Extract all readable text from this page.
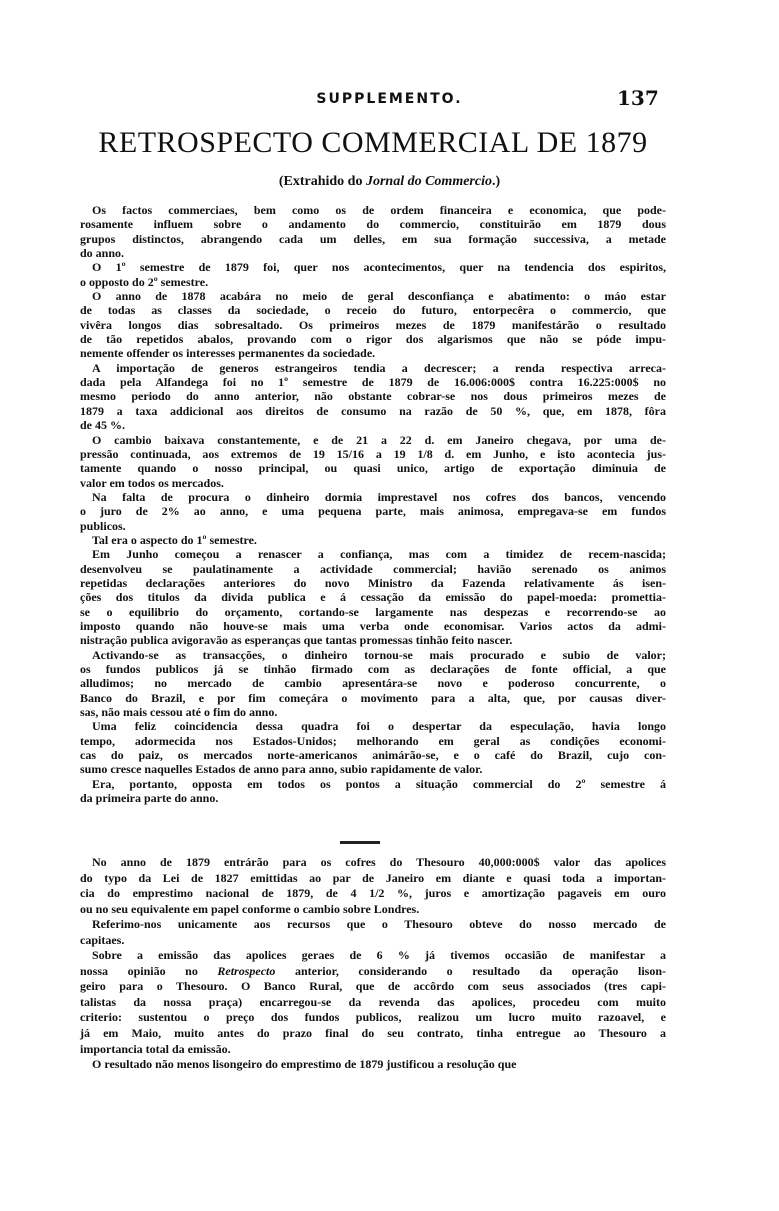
SUPPLEMENTO.	137
RETROSPECTO COMMERCIAL DE 1879
(Extrahido do Jornal do Commercio.)
Os factos commerciaes, bem como os de ordem financeira e economica, que pode-
rosamente influem sobre o andamento do commercio, constituirão em 1879 dous
grupos distinctos, abrangendo cada um delles, em sua formação successiva, a metade
do anno.
O 1º semestre de 1879 foi, quer nos acontecimentos, quer na tendencia dos espiritos,
o opposto do 2º semestre.
O anno de 1878 acabára no meio de geral desconfiança e abatimento: o máo estar
de todas as classes da sociedade, o receio do futuro, entorpecêra o commercio, que
vivêra longos dias sobresaltado. Os primeiros mezes de 1879 manifestárão o resultado
de tão repetidos abalos, provando com o rigor dos algarismos que não se póde impu-
nemente offender os interesses permanentes da sociedade.
A importação de generos estrangeiros tendia a decrescer; a renda respectiva arreca-
dada pela Alfandega foi no 1º semestre de 1879 de 16.006:000$ contra 16.225:000$ no
mesmo periodo do anno anterior, não obstante cobrar-se nos dous primeiros mezes de
1879 a taxa addicional aos direitos de consumo na razão de 50 %, que, em 1878, fôra
de 45 %.
O cambio baixava constantemente, e de 21 a 22 d. em Janeiro chegava, por uma de-
pressão continuada, aos extremos de 19 15/16 a 19 1/8 d. em Junho, e isto acontecia jus-
tamente quando o nosso principal, ou quasi unico, artigo de exportação diminuia de
valor em todos os mercados.
Na falta de procura o dinheiro dormia imprestavel nos cofres dos bancos, vencendo
o juro de 2% ao anno, e uma pequena parte, mais animosa, empregava-se em fundos
publicos.
Tal era o aspecto do 1º semestre.
Em Junho começou a renascer a confiança, mas com a timidez de recem-nascida;
desenvolveu se paulatinamente a actividade commercial; havião serenado os animos
repetidas declarações anteriores do novo Ministro da Fazenda relativamente ás isen-
ções dos titulos da divida publica e á cessação da emissão do papel-moeda: promettia-
se o equilibrio do orçamento, cortando-se largamente nas despezas e recorrendo-se ao
imposto quando não houve-se mais uma verba onde economisar. Varios actos da admi-
nistração publica avigoravão as esperanças que tantas promessas tinhão feito nascer.
Activando-se as transacções, o dinheiro tornou-se mais procurado e subio de valor;
os fundos publicos já se tinhão firmado com as declarações de fonte official, a que
alludimos; no mercado de cambio apresentára-se novo e poderoso concurrente, o
Banco do Brazil, e por fim começára o movimento para a alta, que, por causas diver-
sas, não mais cessou até o fim do anno.
Uma feliz coincidencia dessa quadra foi o despertar da especulação, havia longo
tempo, adormecida nos Estados-Unidos; melhorando em geral as condições economi-
cas do paiz, os mercados norte-americanos animárão-se, e o café do Brazil, cujo con-
sumo cresce naquelles Estados de anno para anno, subio rapidamente de valor.
Era, portanto, opposta em todos os pontos a situação commercial do 2º semestre á
da primeira parte do anno.
No anno de 1879 entrárão para os cofres do Thesouro 40,000:000$ valor das apolices
do typo da Lei de 1827 emittidas ao par de Janeiro em diante e quasi toda a importan-
cia do emprestimo nacional de 1879, de 4 1/2 %, juros e amortização pagaveis em ouro
ou no seu equivalente em papel conforme o cambio sobre Londres.
Referimo-nos unicamente aos recursos que o Thesouro obteve do nosso mercado de
capitaes.
Sobre a emissão das apolices geraes de 6 % já tivemos occasião de manifestar a
nossa opinião no Retrospecto anterior, considerando o resultado da operação lison-
geiro para o Thesouro. O Banco Rural, que de accôrdo com seus associados (tres capi-
talistas da nossa praça) encarregou-se da revenda das apolices, procedeu com muito
criterio: sustentou o preço dos fundos publicos, realizou um lucro muito razoavel, e
já em Maio, muito antes do prazo final do seu contrato, tinha entregue ao Thesouro a
importancia total da emissão.
O resultado não menos lisongeiro do emprestimo de 1879 justificou a resolução que
